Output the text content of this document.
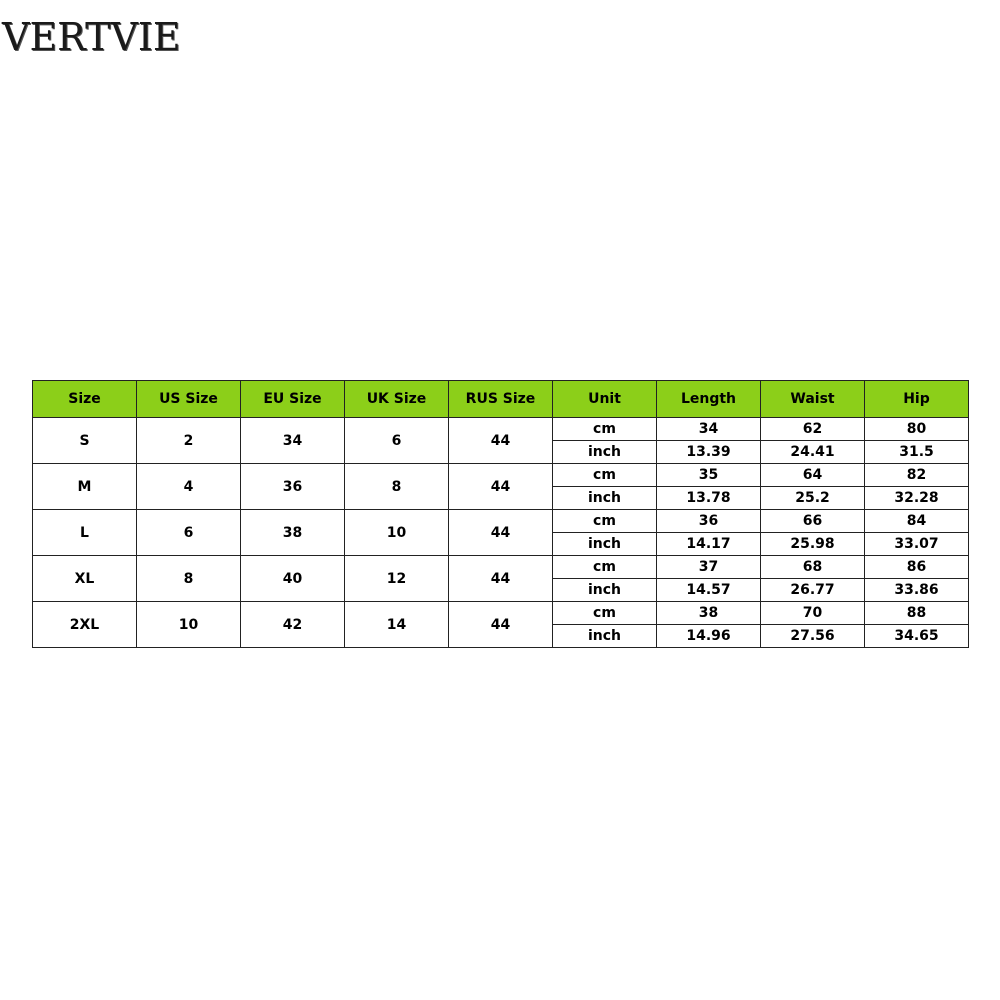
VERTVIE
Size	US Size	EU Size	UK Size	RUS Size	Unit	Length	Waist	Hip
S	2	34	6	44	cm	34	62	80
					inch	13.39	24.41	31.5
M	4	36	8	44	cm	35	64	82
					inch	13.78	25.2	32.28
L	6	38	10	44	cm	36	66	84
					inch	14.17	25.98	33.07
XL	8	40	12	44	cm	37	68	86
					inch	14.57	26.77	33.86
2XL	10	42	14	44	cm	38	70	88
					inch	14.96	27.56	34.65
